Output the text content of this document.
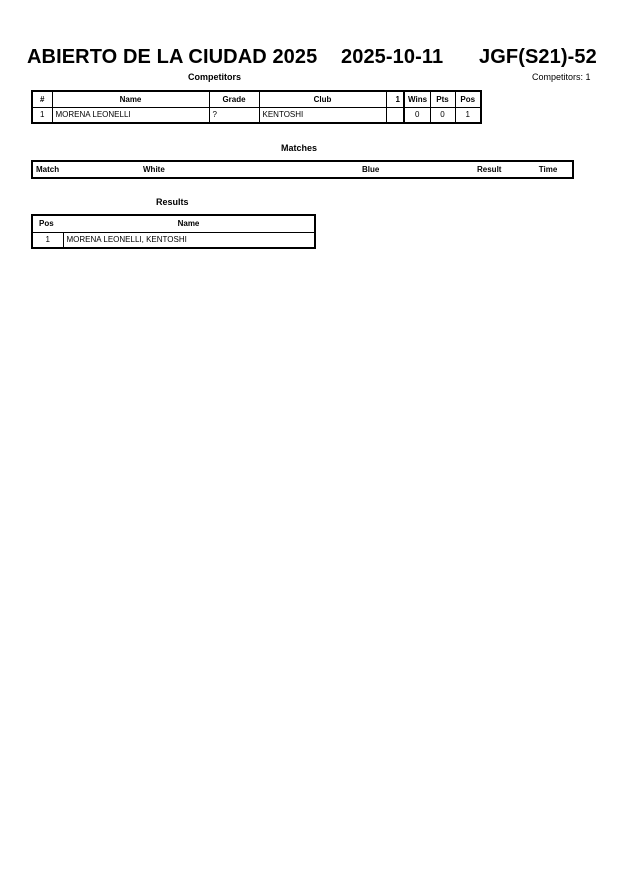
ABIERTO DE LA CIUDAD 2025 2025-10-11 JGF(S21)-52
Competitors: 1
Competitors
#	Name	Grade	Club	1	Wins	Pts	Pos
1	MORENA LEONELLI	?	KENTOSHI		0	0	1
Matches
Match	White	Blue	Result	Time
Results
Pos	Name
1	MORENA LEONELLI, KENTOSHI
